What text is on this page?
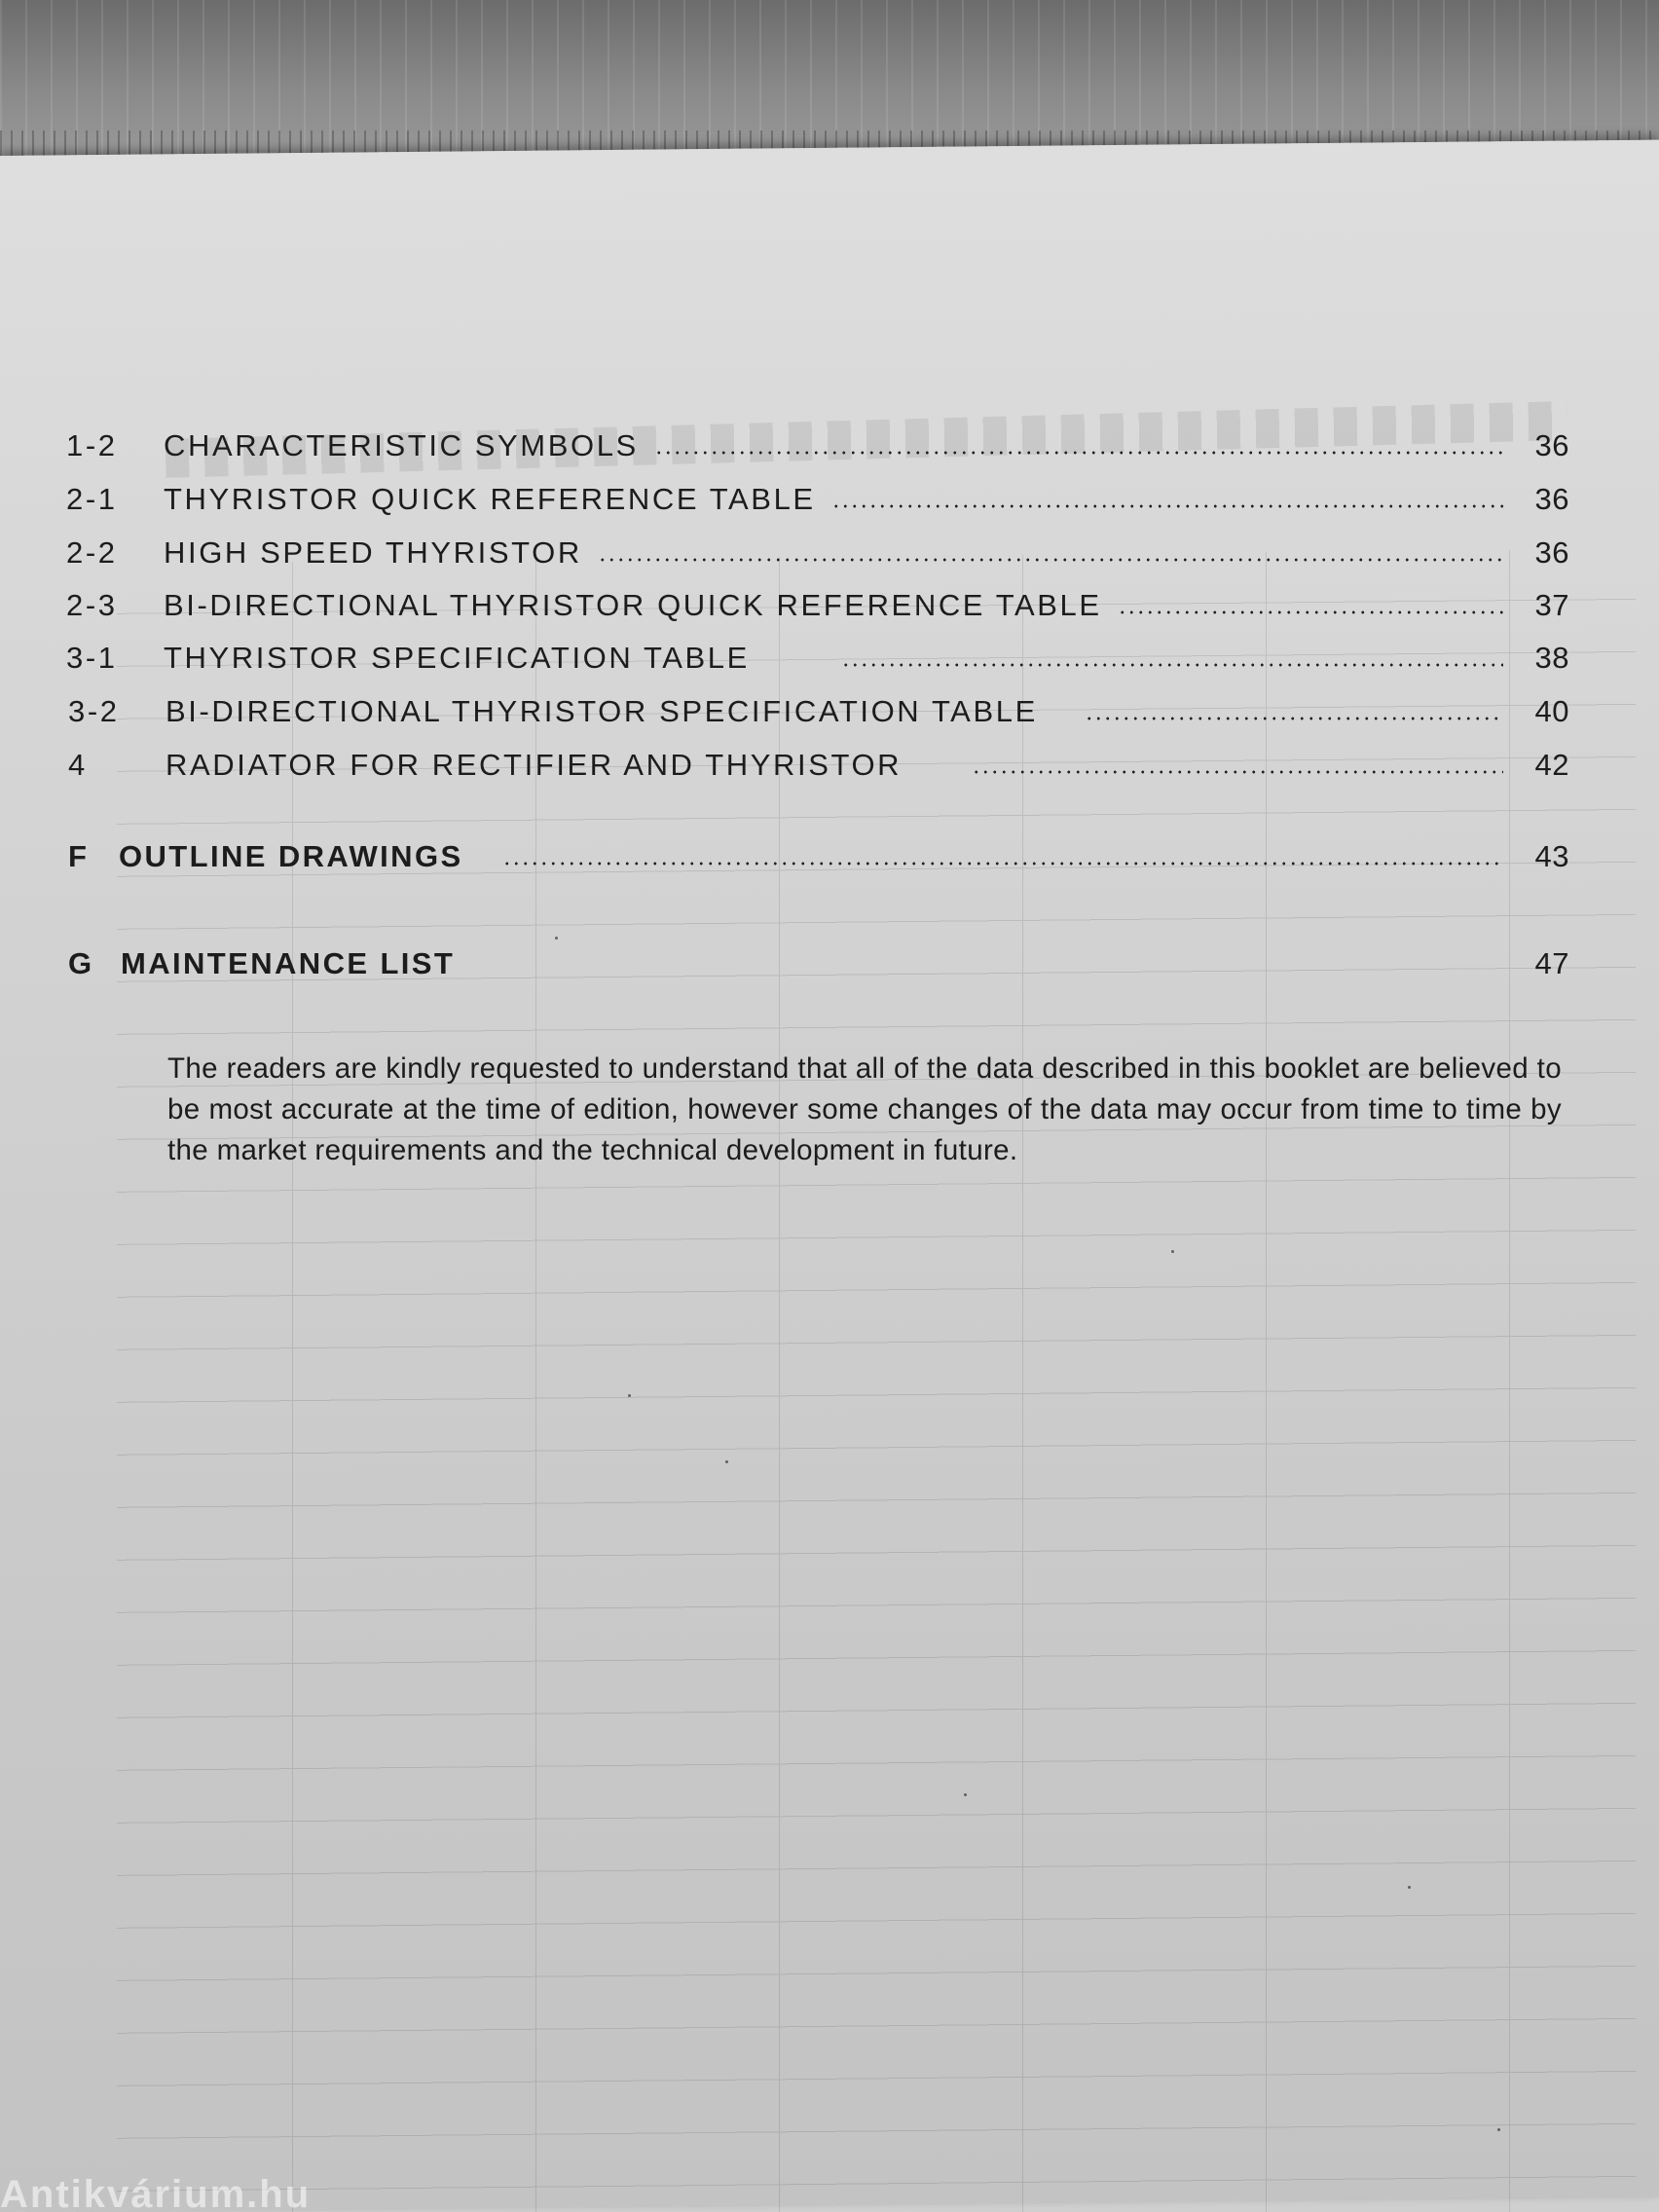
1-2	CHARACTERISTIC SYMBOLS	36
2-1	THYRISTOR QUICK REFERENCE TABLE	36
2-2	HIGH SPEED THYRISTOR	36
2-3	BI-DIRECTIONAL THYRISTOR QUICK REFERENCE TABLE	37
3-1	THYRISTOR SPECIFICATION TABLE	38
3-2	BI-DIRECTIONAL THYRISTOR SPECIFICATION TABLE	40
4	RADIATOR FOR RECTIFIER AND THYRISTOR	42
F OUTLINE DRAWINGS	43
G MAINTENANCE LIST	47

The readers are kindly requested to understand that all of the data described in this booklet are believed to be most accurate at the time of edition, however some changes of the data may occur from time to time by the market requirements and the technical development in future.

Antikvárium.hu
